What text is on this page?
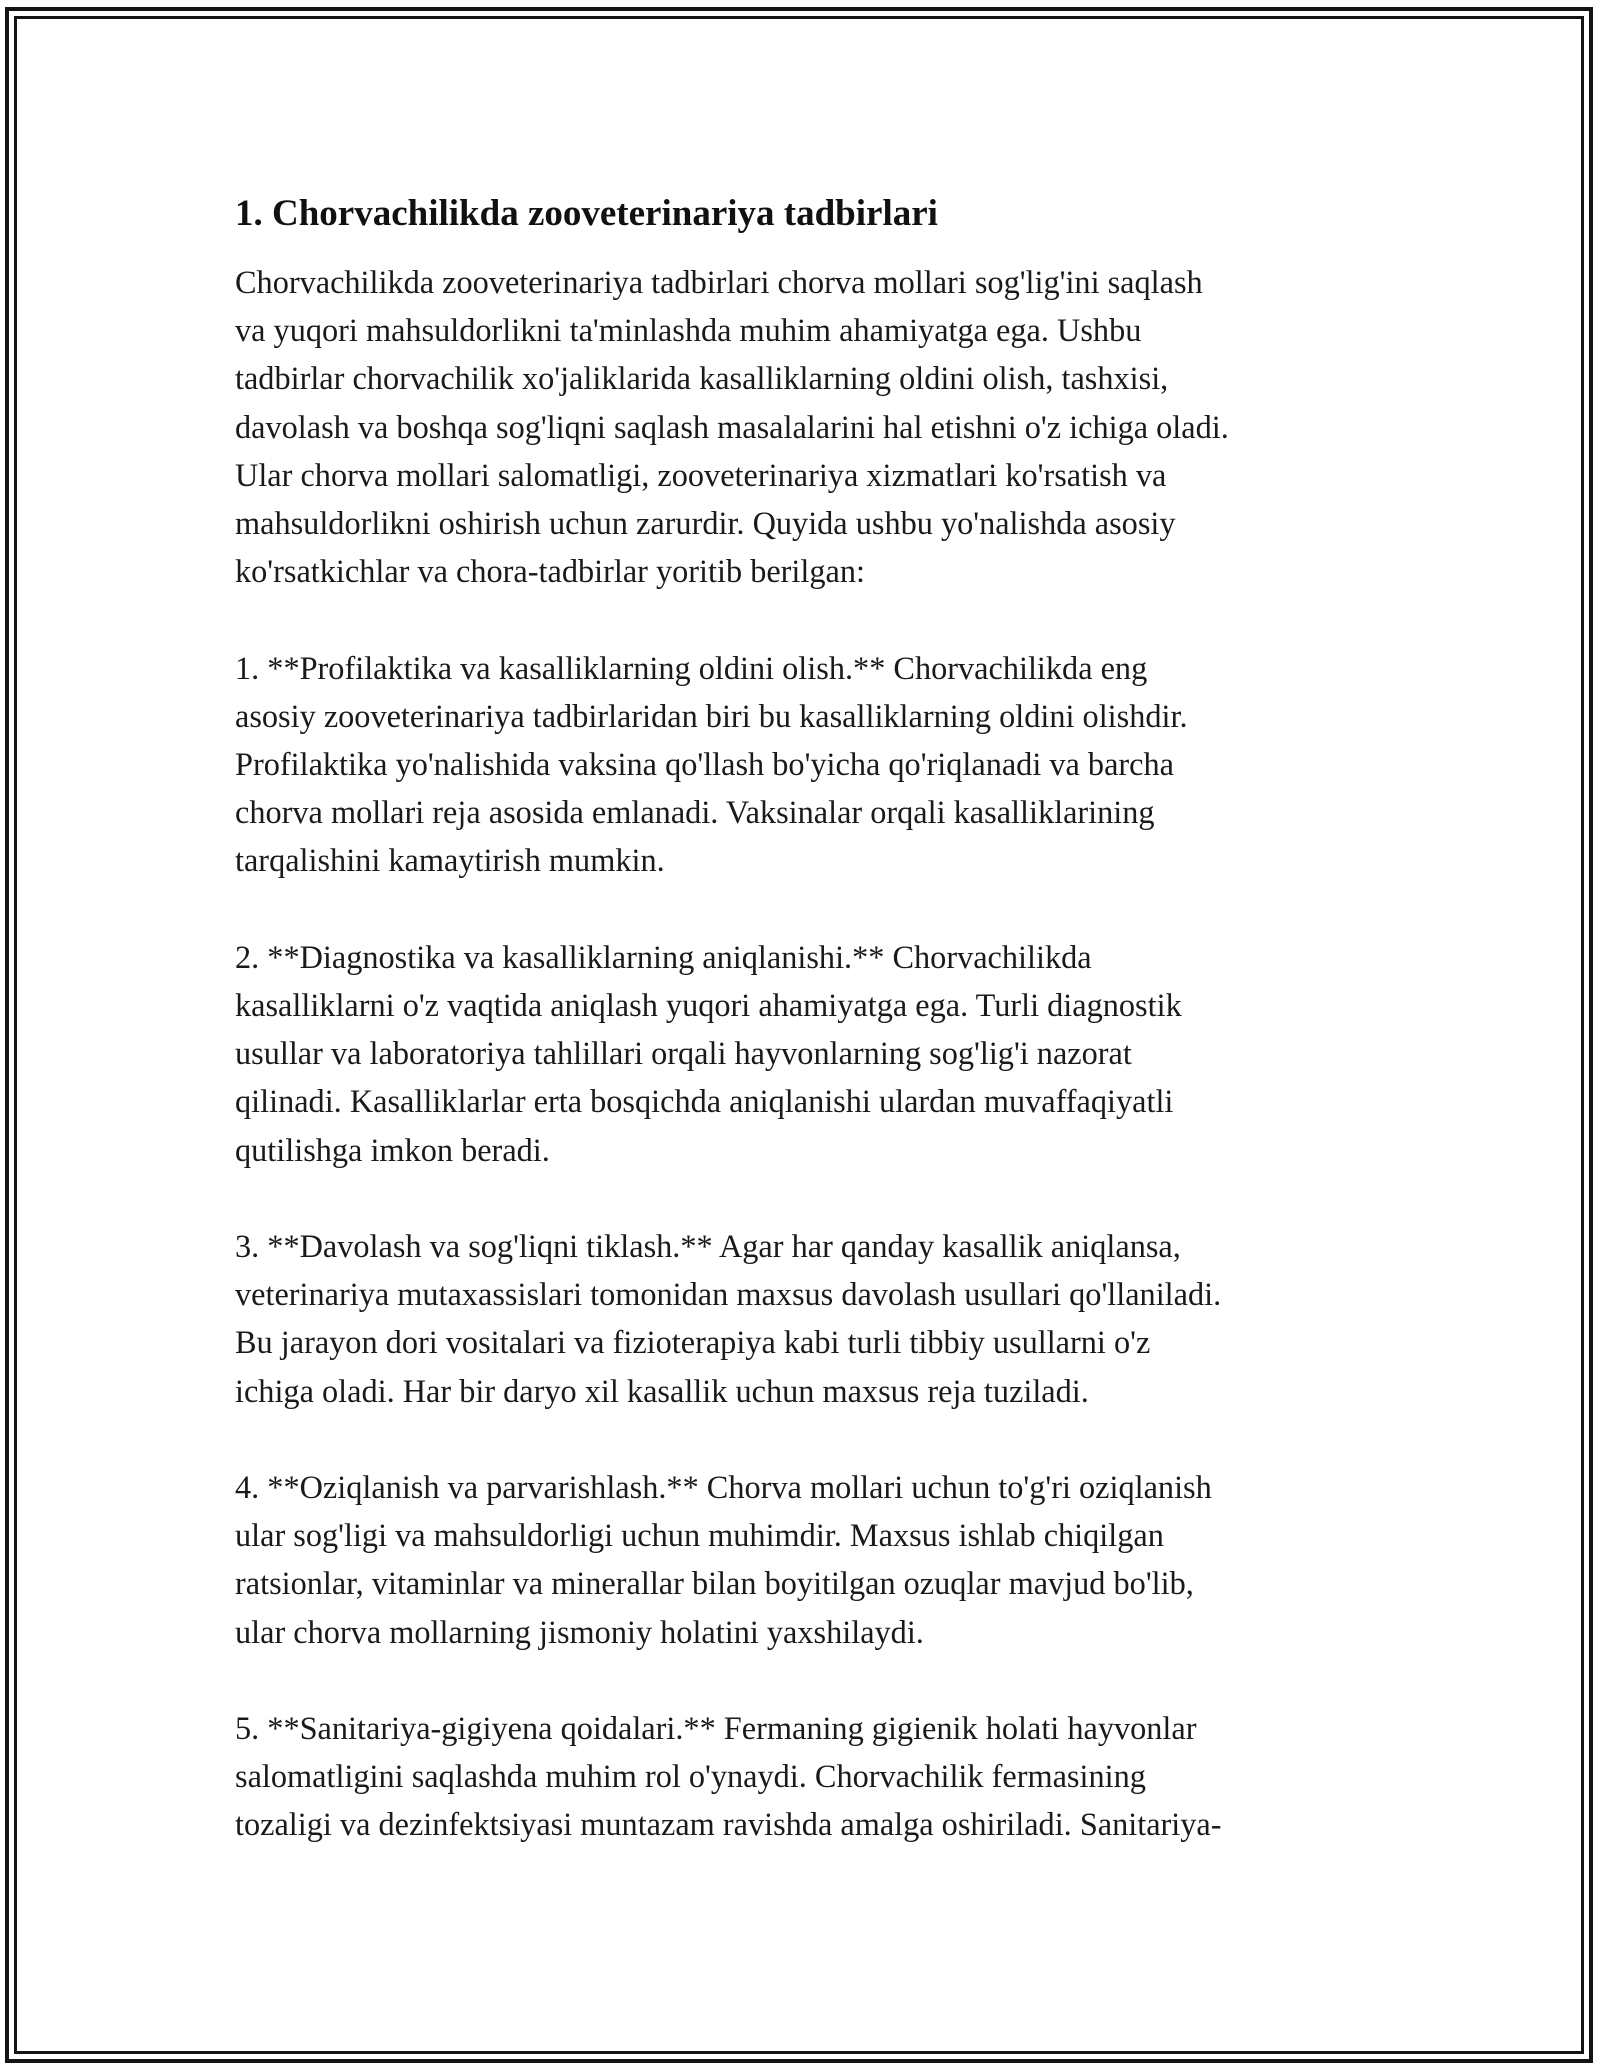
1. Chorvachilikda zooveterinariya tadbirlari

Chorvachilikda zooveterinariya tadbirlari chorva mollari sog'lig'ini saqlash
va yuqori mahsuldorlikni ta'minlashda muhim ahamiyatga ega. Ushbu
tadbirlar chorvachilik xo'jaliklarida kasalliklarning oldini olish, tashxisi,
davolash va boshqa sog'liqni saqlash masalalarini hal etishni o'z ichiga oladi.
Ular chorva mollari salomatligi, zooveterinariya xizmatlari ko'rsatish va
mahsuldorlikni oshirish uchun zarurdir. Quyida ushbu yo'nalishda asosiy
ko'rsatkichlar va chora-tadbirlar yoritib berilgan:

1. **Profilaktika va kasalliklarning oldini olish.** Chorvachilikda eng
asosiy zooveterinariya tadbirlaridan biri bu kasalliklarning oldini olishdir.
Profilaktika yo'nalishida vaksina qo'llash bo'yicha qo'riqlanadi va barcha
chorva mollari reja asosida emlanadi. Vaksinalar orqali kasalliklarining
tarqalishini kamaytirish mumkin.

2. **Diagnostika va kasalliklarning aniqlanishi.** Chorvachilikda
kasalliklarni o'z vaqtida aniqlash yuqori ahamiyatga ega. Turli diagnostik
usullar va laboratoriya tahlillari orqali hayvonlarning sog'lig'i nazorat
qilinadi. Kasalliklarlar erta bosqichda aniqlanishi ulardan muvaffaqiyatli
qutilishga imkon beradi.

3. **Davolash va sog'liqni tiklash.** Agar har qanday kasallik aniqlansa,
veterinariya mutaxassislari tomonidan maxsus davolash usullari qo'llaniladi.
Bu jarayon dori vositalari va fizioterapiya kabi turli tibbiy usullarni o'z
ichiga oladi. Har bir daryo xil kasallik uchun maxsus reja tuziladi.

4. **Oziqlanish va parvarishlash.** Chorva mollari uchun to'g'ri oziqlanish
ular sog'ligi va mahsuldorligi uchun muhimdir. Maxsus ishlab chiqilgan
ratsionlar, vitaminlar va minerallar bilan boyitilgan ozuqlar mavjud bo'lib,
ular chorva mollarning jismoniy holatini yaxshilaydi.

5. **Sanitariya-gigiyena qoidalari.** Fermaning gigienik holati hayvonlar
salomatligini saqlashda muhim rol o'ynaydi. Chorvachilik fermasining
tozaligi va dezinfektsiyasi muntazam ravishda amalga oshiriladi. Sanitariya-
